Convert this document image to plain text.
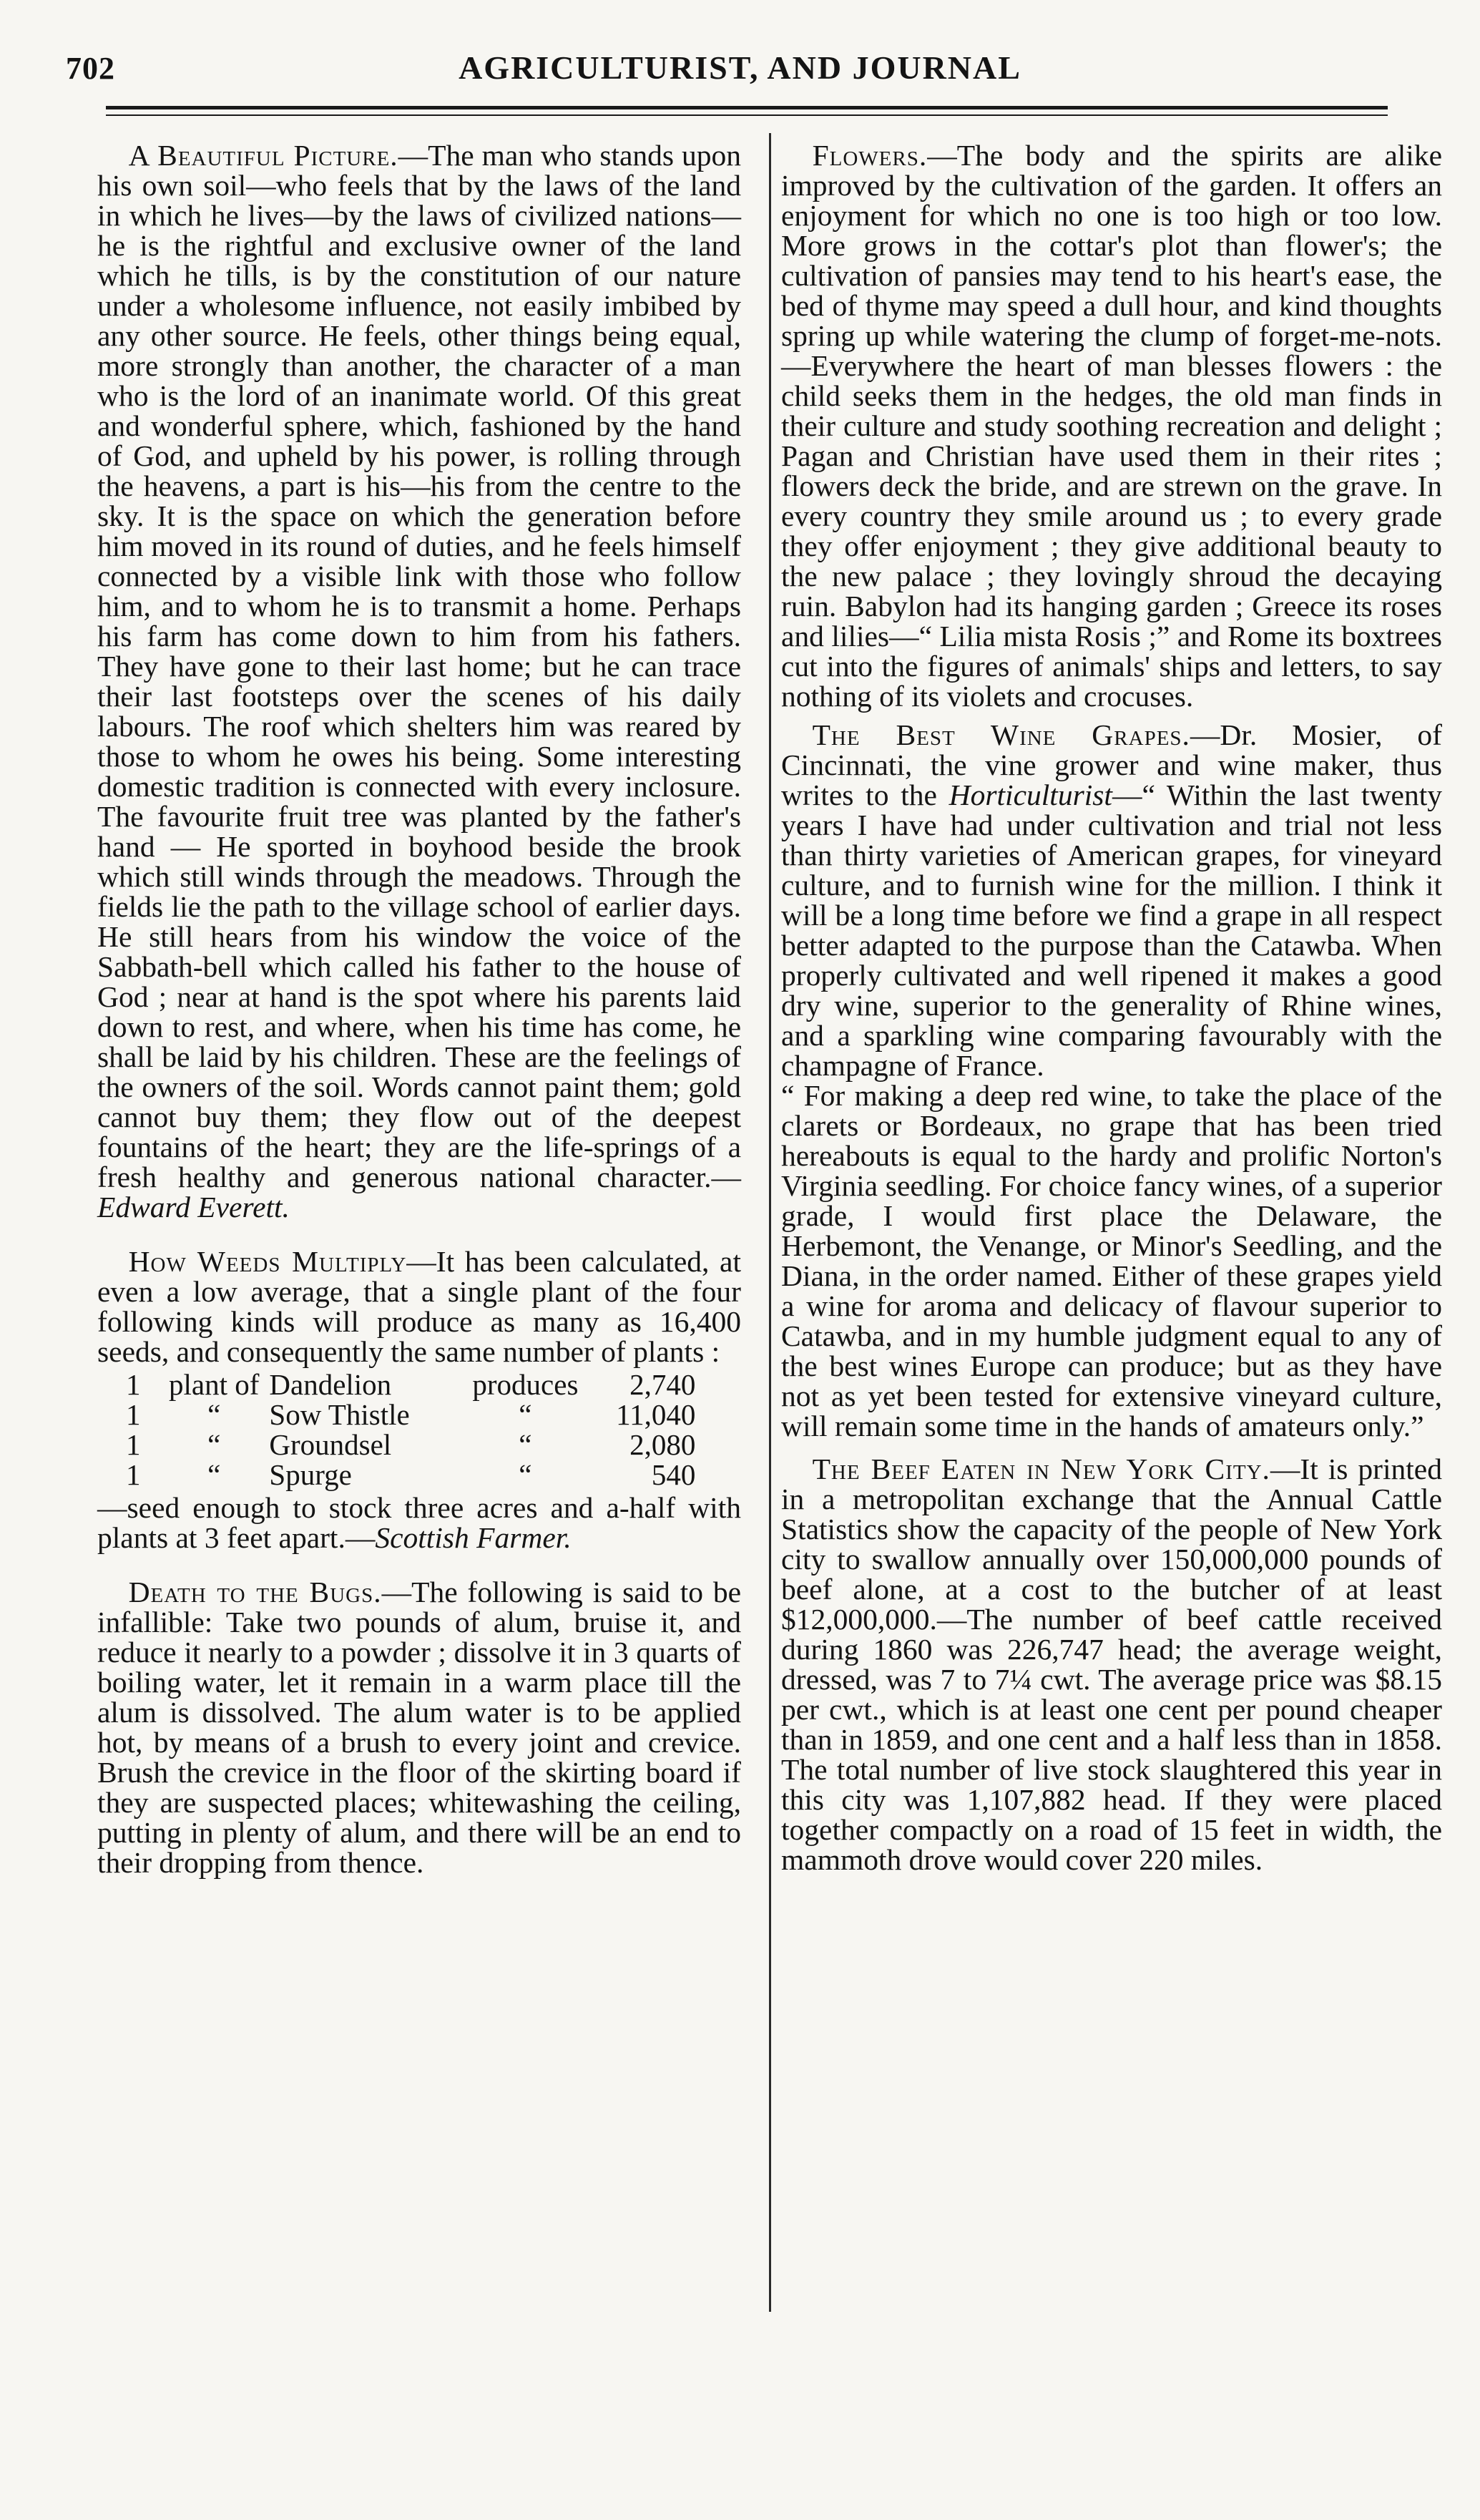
702	AGRICULTURIST, AND JOURNAL

A Beautiful Picture.—The man who stands upon his own soil—who feels that by the laws of the land in which he lives—by the laws of civilized nations—he is the rightful and exclusive owner of the land which he tills, is by the constitution of our nature under a wholesome influence, not easily imbibed by any other source. He feels, other things being equal, more strongly than another, the character of a man who is the lord of an inanimate world. Of this great and wonderful sphere, which, fashioned by the hand of God, and upheld by his power, is rolling through the heavens, a part is his—his from the centre to the sky. It is the space on which the generation before him moved in its round of duties, and he feels himself connected by a visible link with those who follow him, and to whom he is to transmit a home. Perhaps his farm has come down to him from his fathers. They have gone to their last home; but he can trace their last footsteps over the scenes of his daily labours. The roof which shelters him was reared by those to whom he owes his being. Some interesting domestic tradition is connected with every inclosure. The favourite fruit tree was planted by the father's hand — He sported in boyhood beside the brook which still winds through the meadows. Through the fields lie the path to the village school of earlier days. He still hears from his window the voice of the Sabbath-bell which called his father to the house of God ; near at hand is the spot where his parents laid down to rest, and where, when his time has come, he shall be laid by his children. These are the feelings of the owners of the soil. Words cannot paint them; gold cannot buy them; they flow out of the deepest fountains of the heart; they are the life-springs of a fresh healthy and generous national character.—Edward Everett.

How Weeds Multiply—It has been calculated, at even a low average, that a single plant of the four following kinds will produce as many as 16,400 seeds, and consequently the same number of plants :

1	plant of	Dandelion	produces	2,740
1	“	Sow Thistle	“	11,040
1	“	Groundsel	“	2,080
1	“	Spurge	“	540

—seed enough to stock three acres and a-half with plants at 3 feet apart.—Scottish Farmer.

Death to the Bugs.—The following is said to be infallible: Take two pounds of alum, bruise it, and reduce it nearly to a powder ; dissolve it in 3 quarts of boiling water, let it remain in a warm place till the alum is dissolved. The alum water is to be applied hot, by means of a brush to every joint and crevice. Brush the crevice in the floor of the skirting board if they are suspected places; whitewashing the ceiling, putting in plenty of alum, and there will be an end to their dropping from thence.

Flowers.—The body and the spirits are alike improved by the cultivation of the garden. It offers an enjoyment for which no one is too high or too low. More grows in the cottar's plot than flower's; the cultivation of pansies may tend to his heart's ease, the bed of thyme may speed a dull hour, and kind thoughts spring up while watering the clump of forget-me-nots.—Everywhere the heart of man blesses flowers : the child seeks them in the hedges, the old man finds in their culture and study soothing recreation and delight ; Pagan and Christian have used them in their rites ; flowers deck the bride, and are strewn on the grave. In every country they smile around us ; to every grade they offer enjoyment ; they give additional beauty to the new palace ; they lovingly shroud the decaying ruin. Babylon had its hanging garden ; Greece its roses and lilies—“ Lilia mista Rosis ;” and Rome its boxtrees cut into the figures of animals' ships and letters, to say nothing of its violets and crocuses.

The Best Wine Grapes.—Dr. Mosier, of Cincinnati, the vine grower and wine maker, thus writes to the Horticulturist—“ Within the last twenty years I have had under cultivation and trial not less than thirty varieties of American grapes, for vineyard culture, and to furnish wine for the million. I think it will be a long time before we find a grape in all respect better adapted to the purpose than the Catawba. When properly cultivated and well ripened it makes a good dry wine, superior to the generality of Rhine wines, and a sparkling wine comparing favourably with the champagne of France.

“ For making a deep red wine, to take the place of the clarets or Bordeaux, no grape that has been tried hereabouts is equal to the hardy and prolific Norton's Virginia seedling. For choice fancy wines, of a superior grade, I would first place the Delaware, the Herbemont, the Venange, or Minor's Seedling, and the Diana, in the order named. Either of these grapes yield a wine for aroma and delicacy of flavour superior to Catawba, and in my humble judgment equal to any of the best wines Europe can produce; but as they have not as yet been tested for extensive vineyard culture, will remain some time in the hands of amateurs only.”

The Beef Eaten in New York City.—It is printed in a metropolitan exchange that the Annual Cattle Statistics show the capacity of the people of New York city to swallow annually over 150,000,000 pounds of beef alone, at a cost to the butcher of at least $12,000,000.—The number of beef cattle received during 1860 was 226,747 head; the average weight, dressed, was 7 to 7¼ cwt. The average price was $8.15 per cwt., which is at least one cent per pound cheaper than in 1859, and one cent and a half less than in 1858. The total number of live stock slaughtered this year in this city was 1,107,882 head. If they were placed together compactly on a road of 15 feet in width, the mammoth drove would cover 220 miles.
